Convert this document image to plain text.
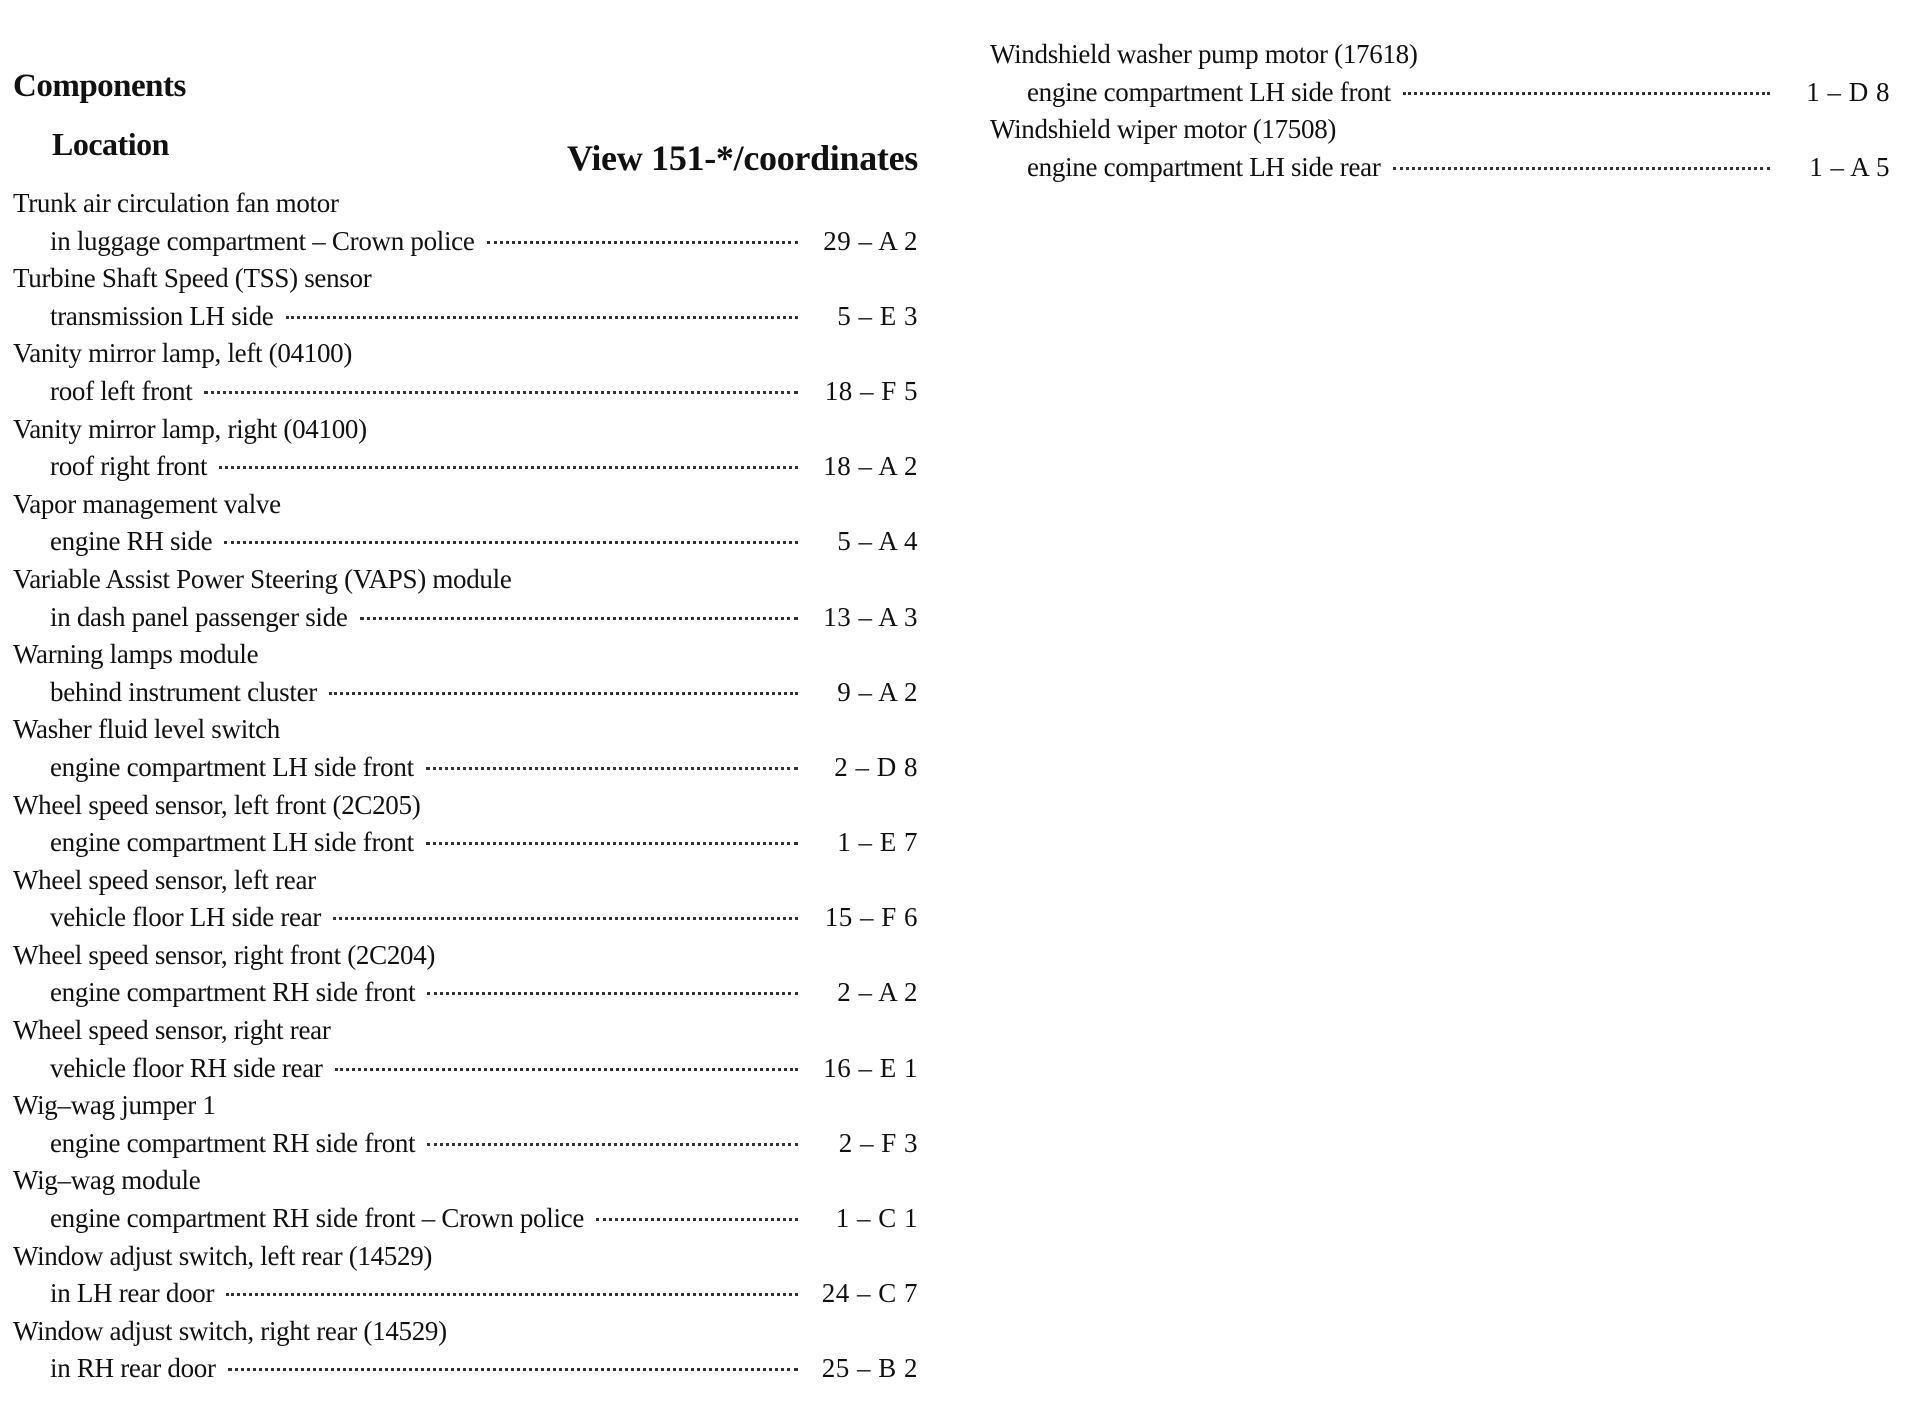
Components
Location	View 151-*/coordinates
Trunk air circulation fan motor
in luggage compartment – Crown police	29 – A 2
Turbine Shaft Speed (TSS) sensor
transmission LH side	5 – E 3
Vanity mirror lamp, left (04100)
roof left front	18 – F 5
Vanity mirror lamp, right (04100)
roof right front	18 – A 2
Vapor management valve
engine RH side	5 – A 4
Variable Assist Power Steering (VAPS) module
in dash panel passenger side	13 – A 3
Warning lamps module
behind instrument cluster	9 – A 2
Washer fluid level switch
engine compartment LH side front	2 – D 8
Wheel speed sensor, left front (2C205)
engine compartment LH side front	1 – E 7
Wheel speed sensor, left rear
vehicle floor LH side rear	15 – F 6
Wheel speed sensor, right front (2C204)
engine compartment RH side front	2 – A 2
Wheel speed sensor, right rear
vehicle floor RH side rear	16 – E 1
Wig–wag jumper 1
engine compartment RH side front	2 – F 3
Wig–wag module
engine compartment RH side front – Crown police	1 – C 1
Window adjust switch, left rear (14529)
in LH rear door	24 – C 7
Window adjust switch, right rear (14529)
in RH rear door	25 – B 2
Windshield washer pump motor (17618)
engine compartment LH side front	1 – D 8
Windshield wiper motor (17508)
engine compartment LH side rear	1 – A 5
